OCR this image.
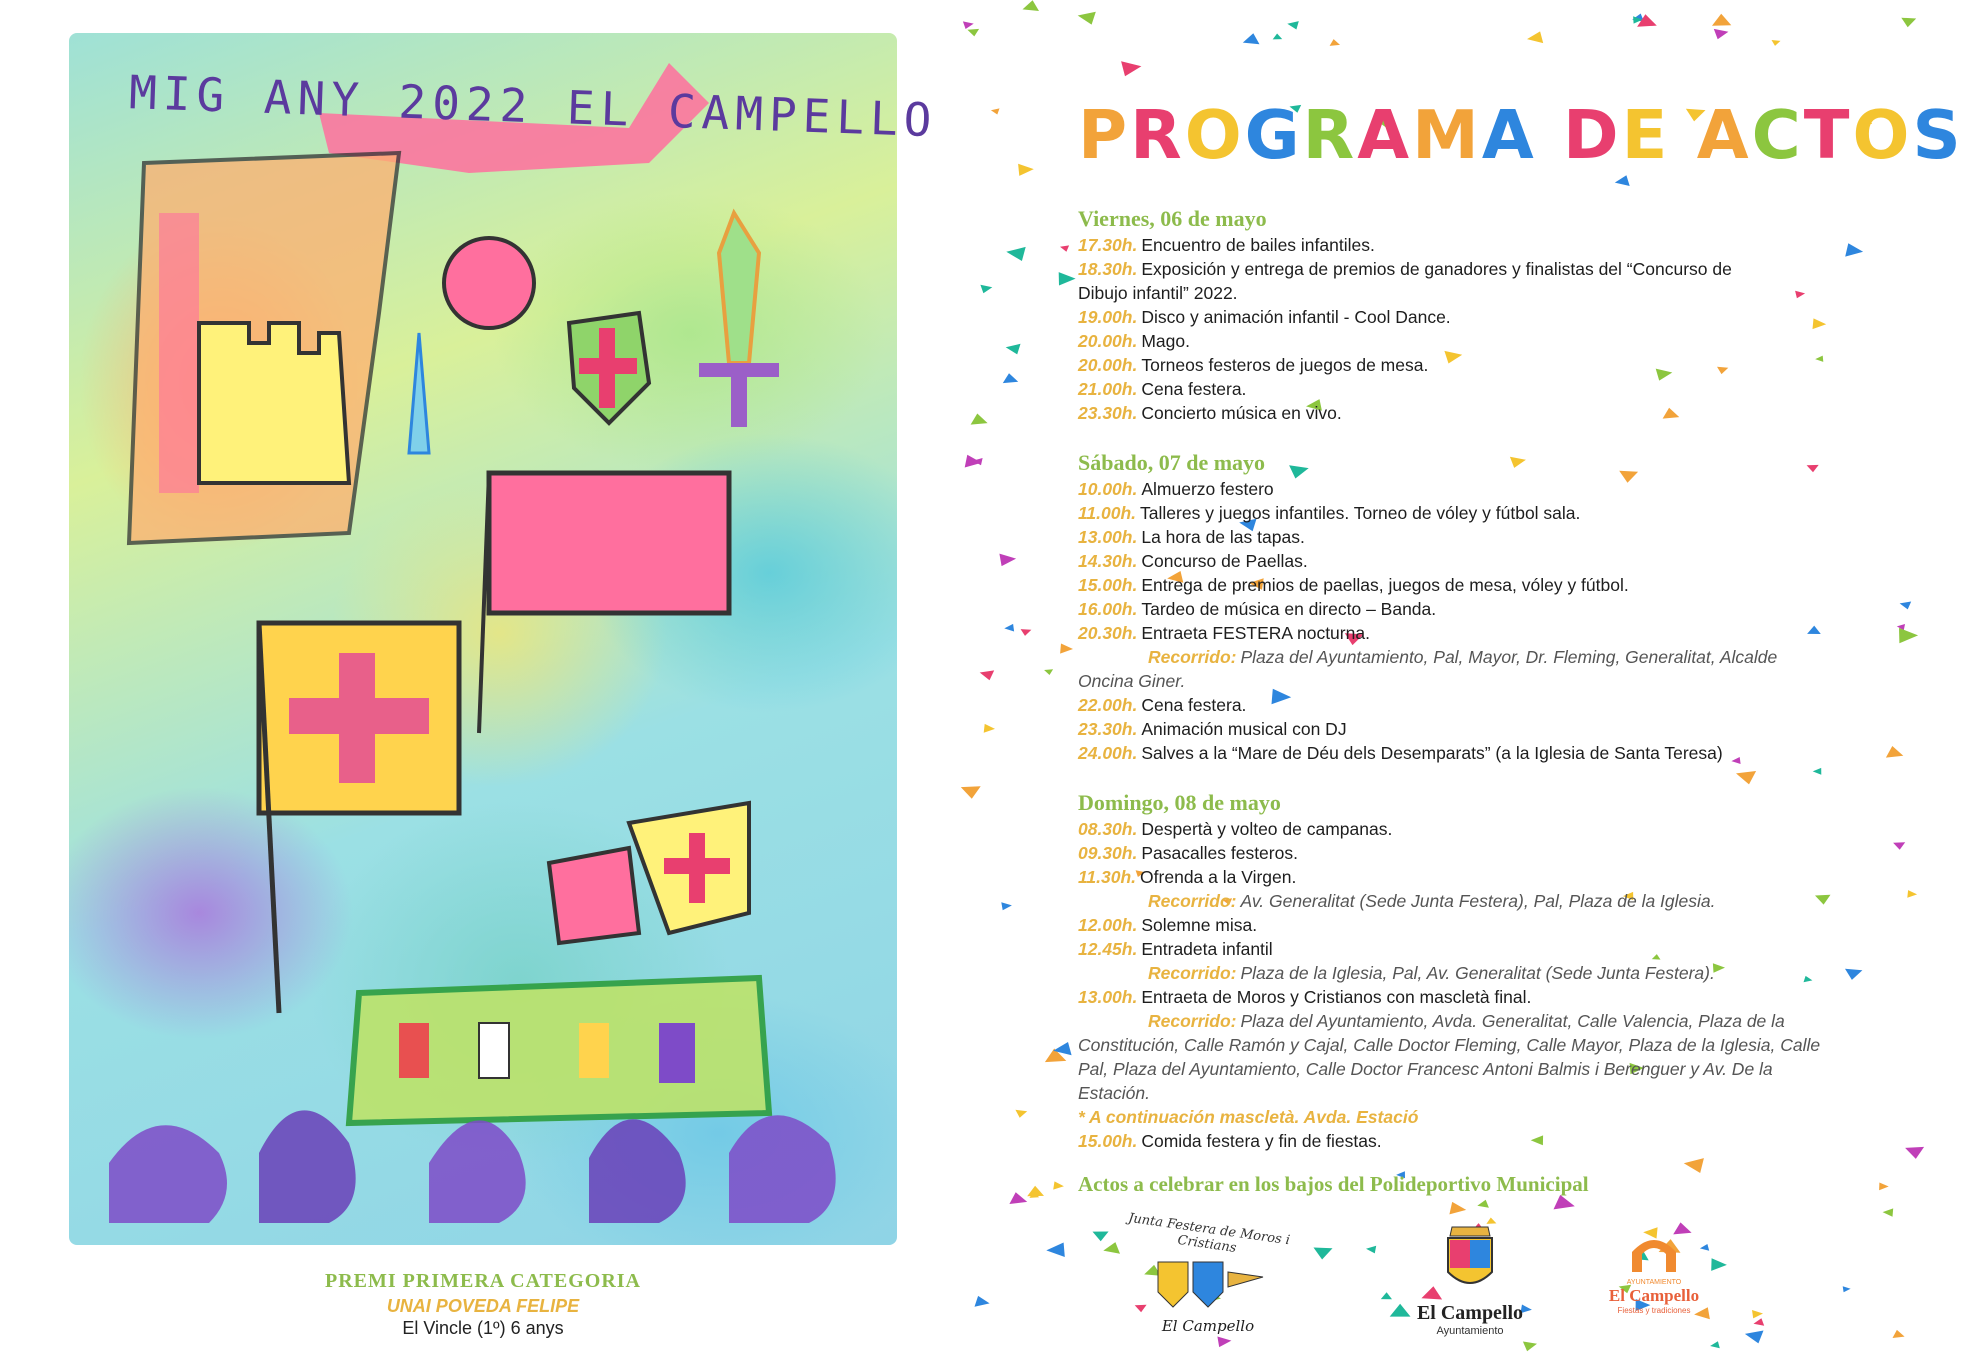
MIG ANY 2022 EL CAMPELLO
PREMI PRIMERA CATEGORIA
UNAI POVEDA FELIPE
El Vincle (1º) 6 anys
PROGRAMA DE ACTOS
Viernes, 06 de mayo
17.30h. Encuentro de bailes infantiles.
18.30h. Exposición y entrega de premios de ganadores y finalistas del “Concurso de
Dibujo infantil” 2022.
19.00h. Disco y animación infantil - Cool Dance.
20.00h. Mago.
20.00h. Torneos festeros de juegos de mesa.
21.00h. Cena festera.
23.30h. Concierto música en vivo.
Sábado, 07 de mayo
10.00h. Almuerzo festero
11.00h. Talleres y juegos infantiles. Torneo de vóley y fútbol sala.
13.00h. La hora de las tapas.
14.30h. Concurso de Paellas.
15.00h. Entrega de premios de paellas, juegos de mesa, vóley y fútbol.
16.00h. Tardeo de música en directo – Banda.
20.30h. Entraeta FESTERA nocturna.
Recorrido: Plaza del Ayuntamiento, Pal, Mayor, Dr. Fleming, Generalitat, Alcalde
Oncina Giner.
22.00h. Cena festera.
23.30h. Animación musical con DJ
24.00h. Salves a la “Mare de Déu dels Desemparats” (a la Iglesia de Santa Teresa)
Domingo, 08 de mayo
08.30h. Despertà y volteo de campanas.
09.30h. Pasacalles festeros.
11.30h. Ofrenda a la Virgen.
Recorrido: Av. Generalitat (Sede Junta Festera), Pal, Plaza de la Iglesia.
12.00h. Solemne misa.
12.45h. Entradeta infantil
Recorrido: Plaza de la Iglesia, Pal, Av. Generalitat (Sede Junta Festera).
13.00h. Entraeta de Moros y Cristianos con mascletà final.
Recorrido: Plaza del Ayuntamiento, Avda. Generalitat, Calle Valencia, Plaza de la
Constitución, Calle Ramón y Cajal, Calle Doctor Fleming, Calle Mayor, Plaza de la Iglesia, Calle
Pal, Plaza del Ayuntamiento, Calle Doctor Francesc Antoni Balmis i Berenguer y Av. De la
Estación.
* A continuación mascletà. Avda. Estació
15.00h. Comida festera y fin de fiestas.
Actos a celebrar en los bajos del Polideportivo Municipal
Junta Festera de Moros i Cristians
El Campello
El Campello
Ayuntamiento
AYUNTAMIENTO
El Campello
Fiestas y tradiciones
